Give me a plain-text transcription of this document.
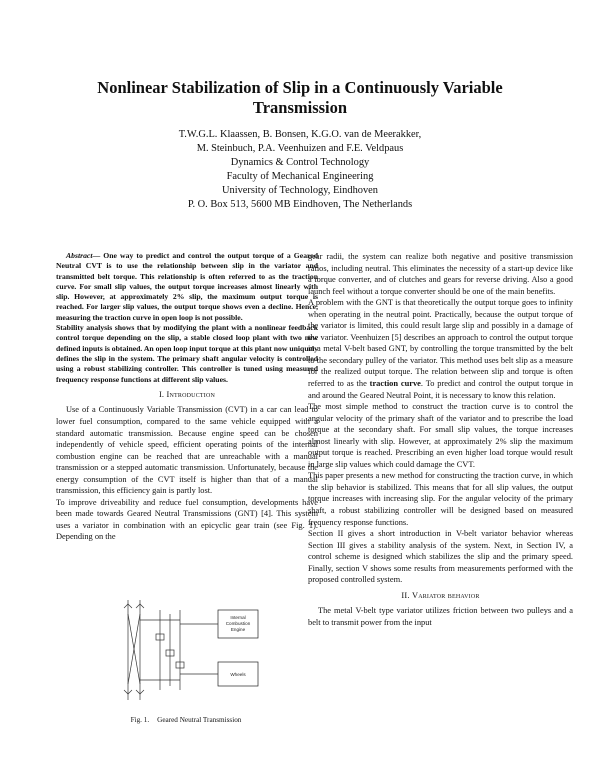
Nonlinear Stabilization of Slip in a Continuously Variable Transmission
T.W.G.L. Klaassen, B. Bonsen, K.G.O. van de Meerakker,
M. Steinbuch, P.A. Veenhuizen and F.E. Veldpaus
Dynamics & Control Technology
Faculty of Mechanical Engineering
University of Technology, Eindhoven
P. O. Box 513, 5600 MB Eindhoven, The Netherlands

Abstract— One way to predict and control the output torque of a Geared Neutral CVT is to use the relationship between slip in the variator and transmitted belt torque. This relationship is often referred to as the traction curve. For small slip values, the output torque increases almost linearly with slip. However, at approximately 2% slip, the maximum output torque is reached. For larger slip values, the output torque shows even a decline. Hence, measuring the traction curve in open loop is not possible.

Stability analysis shows that by modifying the plant with a nonlinear feedback control torque depending on the slip, a stable closed loop plant with two new defined inputs is obtained. An open loop input torque at this plant now uniquely defines the slip in the system. The primary shaft angular velocity is controlled using a robust stabilizing controller. This controller is tuned using measured frequency response functions at different slip values.

I. Introduction

Use of a Continuously Variable Transmission (CVT) in a car can lead to lower fuel consumption, compared to the same vehicle equipped with a standard automatic transmission. Because engine speed can be chosen independently of vehicle speed, efficient operating points of the internal combustion engine can be reached that are unreachable with a manual transmission or a stepped automatic transmission. Unfortunately, because the energy consumption of the CVT itself is higher than that of a manual transmission, this efficiency gain is partly lost.

To improve driveability and reduce fuel consumption, developments have been made towards Geared Neutral Transmissions (GNT) [4]. This system uses a variator in combination with an epicyclic gear train (see Fig. 1). Depending on the

Internal
Combustion
Engine
Wheels
Fig. 1. Geared Neutral Transmission

gear radii, the system can realize both negative and positive transmission ratios, including neutral. This eliminates the necessity of a start-up device like a torque converter, and of clutches and gears for reverse driving. Also a good launch feel without a torque converter should be one of the main benefits.

A problem with the GNT is that theoretically the output torque goes to infinity when operating in the neutral point. Practically, because the output torque of the variator is limited, this could result large slip and possibly in a damage of the variator. Veenhuizen [5] describes an approach to control the output torque in a metal V-belt based GNT, by controlling the torque transmitted by the belt to the secondary pulley of the variator. This method uses belt slip as a measure for the realized output torque. The relation between slip and torque is often referred to as the traction curve. To predict and control the output torque in and around the Geared Neutral Point, it is necessary to know this relation.

The most simple method to construct the traction curve is to control the angular velocity of the primary shaft of the variator and to prescribe the load torque at the secondary shaft. For small slip values, the torque increases almost linearly with slip. However, at approximately 2% slip the maximum output torque is reached. Prescribing an even higher load torque would result in large slip values which could damage the CVT.

This paper presents a new method for constructing the traction curve, in which the slip behavior is stabilized. This means that for all slip values, the output torque increases with increasing slip. For the angular velocity of the primary shaft, a robust stabilizing controller will be designed based on measured frequency response functions.

Section II gives a short introduction in V-belt variator behavior whereas Section III gives a stability analysis of the system. Next, in Section IV, a control scheme is designed which stabilizes the slip and the primary speed. Finally, section V shows some results from measurements performed with the proposed controlled system.

II. Variator behavior

The metal V-belt type variator utilizes friction between two pulleys and a belt to transmit power from the input
